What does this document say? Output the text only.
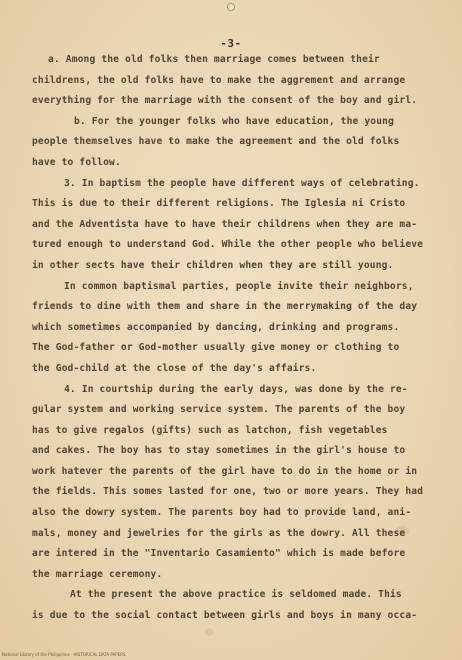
-3-
a. Among the old folks then marriage comes between their
childrens, the old folks have to make the aggrement and arrange
everything for the marriage with the consent of the boy and girl.
b. For the younger folks who have education, the young
people themselves have to make the agreement and the old folks
have to follow.
3. In baptism the people have different ways of celebrating.
This is due to their different religions. The Iglesia ni Cristo
and the Adventista have to have their childrens when they are ma-
tured enough to understand God. While the other people who believe
in other sects have their children when they are still young.
In common baptismal parties, people invite their neighbors,
friends to dine with them and share in the merrymaking of the day
which sometimes accompanied by dancing, drinking and programs.
The God-father or God-mother usually give money or clothing to
the God-child at the close of the day's affairs.
4. In courtship during the early days, was done by the re-
gular system and working service system. The parents of the boy
has to give regalos (gifts) such as latchon, fish vegetables
and cakes. The boy has to stay sometimes in the girl's house to
work hatever the parents of the girl have to do in the home or in
the fields. This somes lasted for one, two or more years. They had
also the dowry system. The parents boy had to provide land, ani-
mals, money and jewelries for the girls as the dowry. All these
are intered in the "Inventario Casamiento" which is made before
the marriage ceremony.
At the present the above practice is seldomed made. This
is due to the social contact between girls and boys in many occa-
National Library of the Philippines · HISTORICAL DATA PAPERS
